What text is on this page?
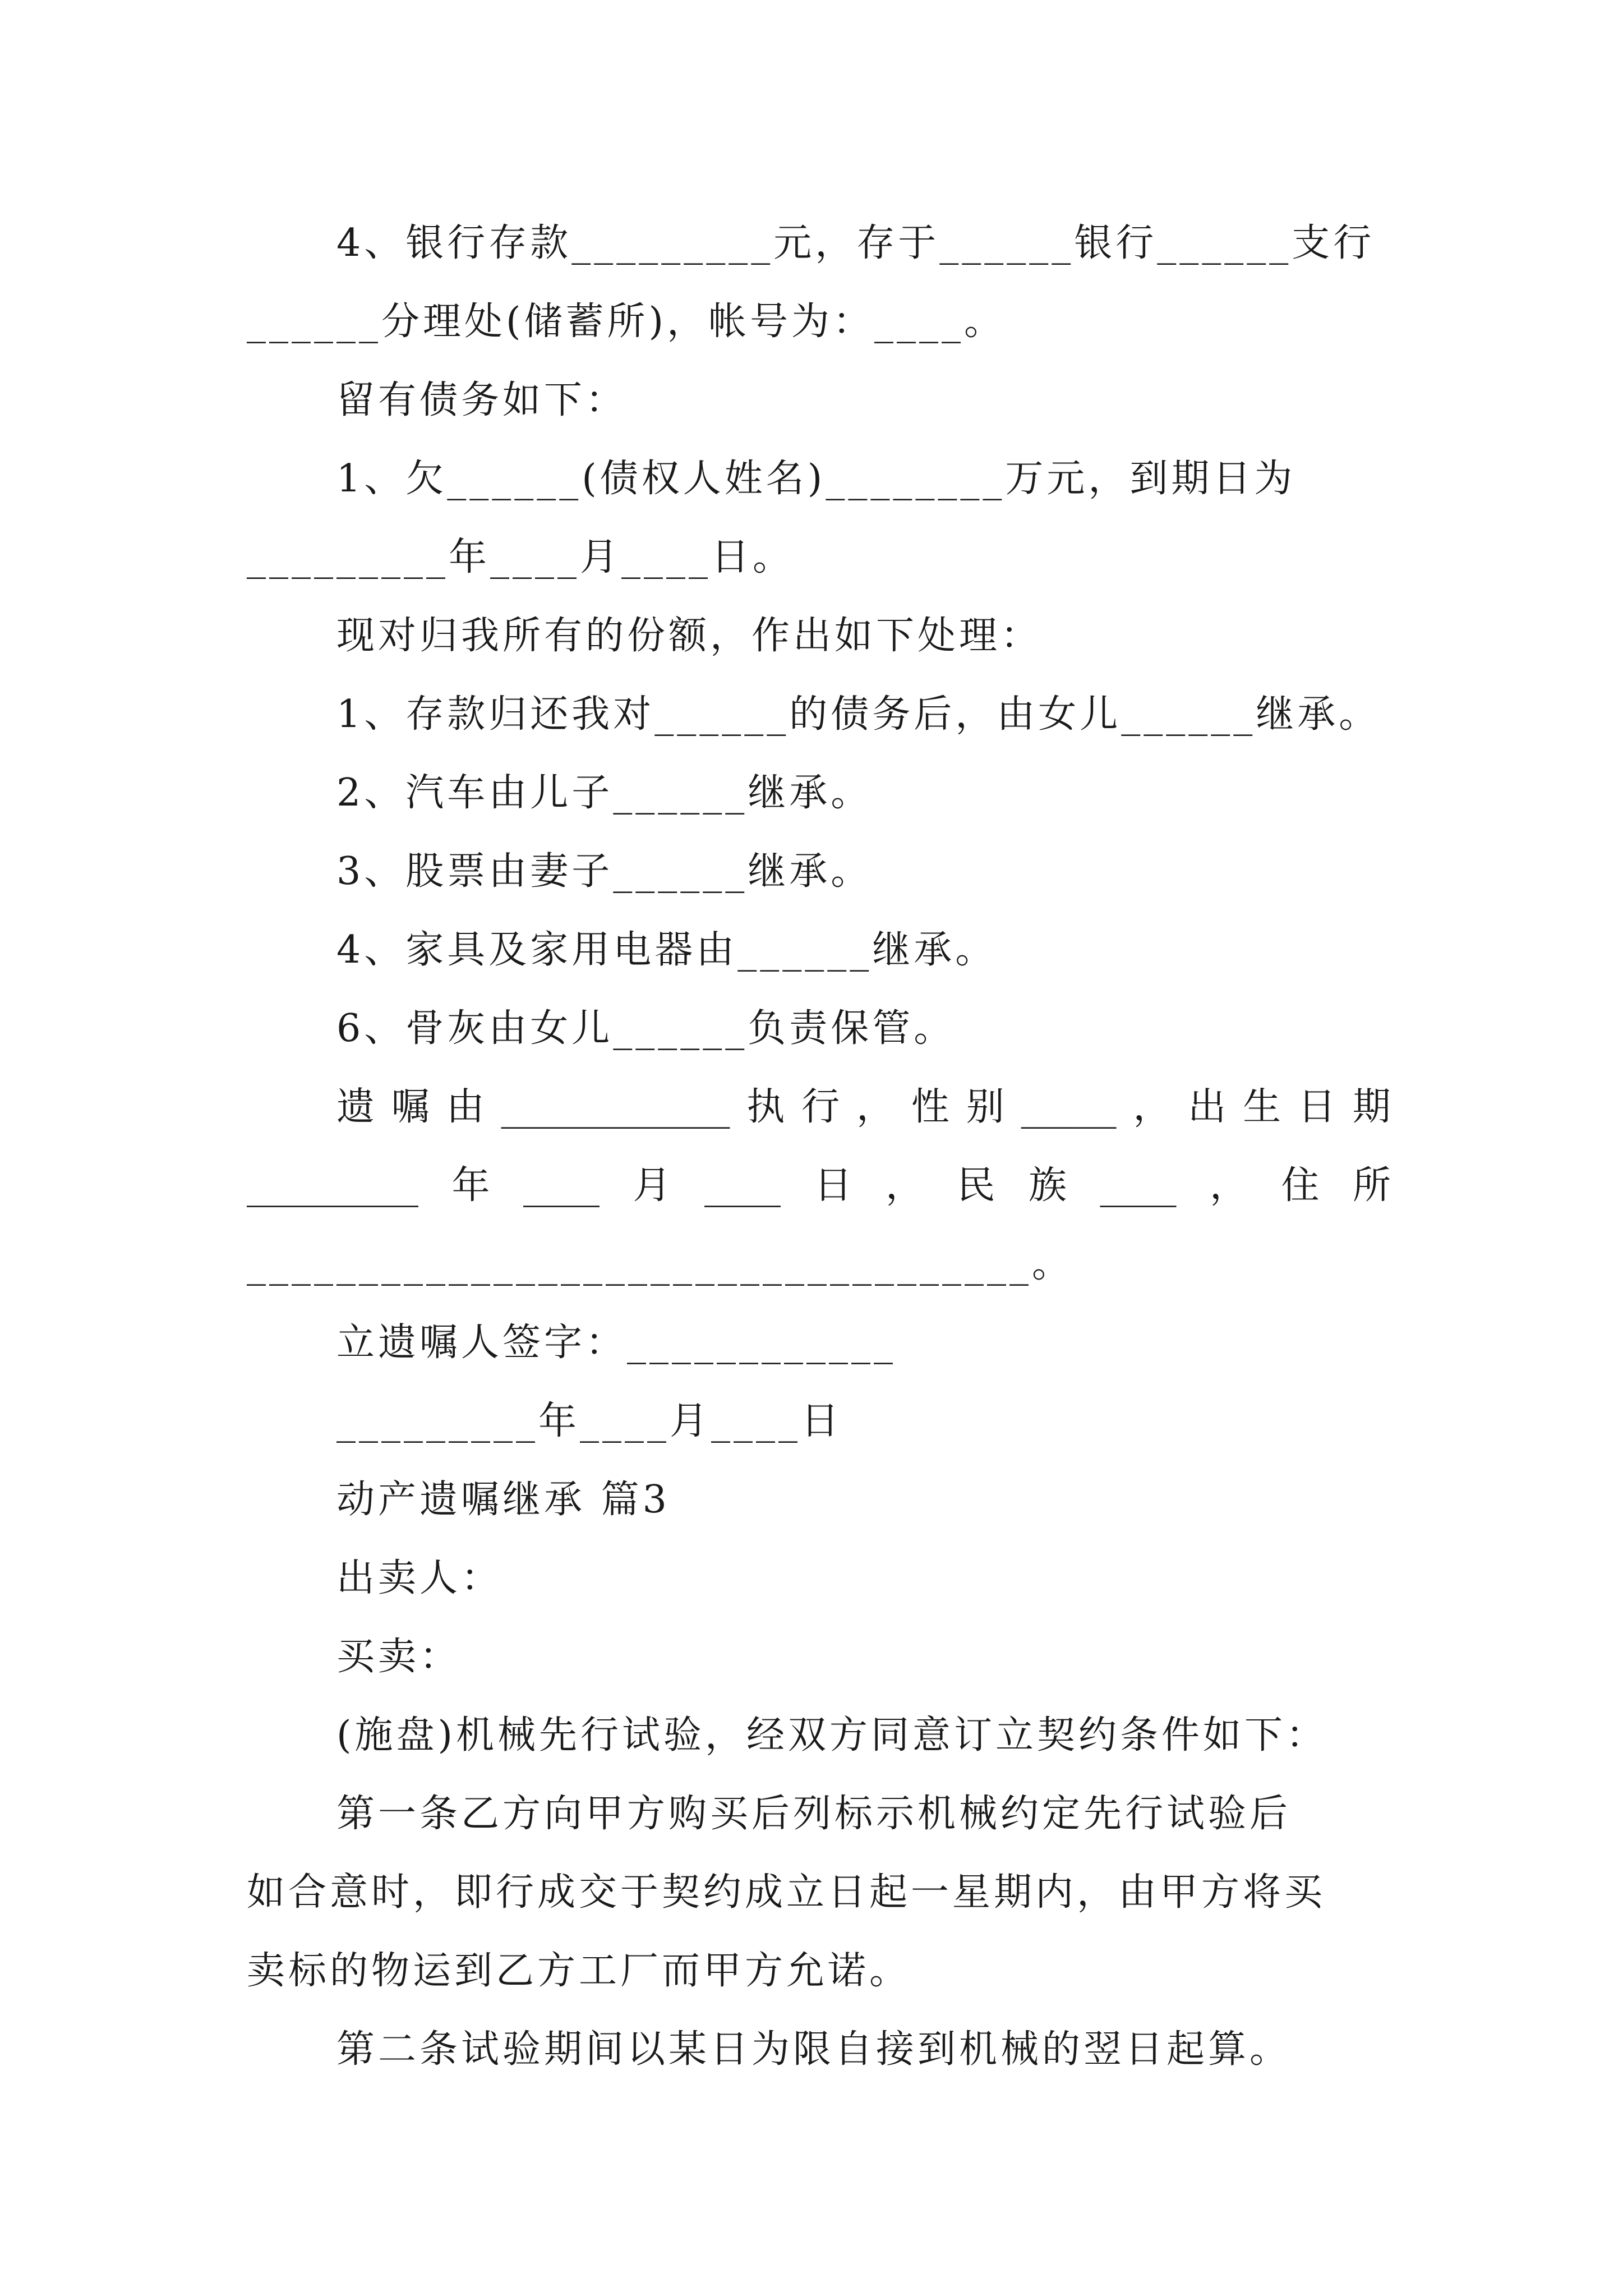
4、银行存款_________元，存于______银行______支行
______分理处(储蓄所)，帐号为：____。
留有债务如下：
1、欠______(债权人姓名)________万元，到期日为
_________年____月____日。
现对归我所有的份额，作出如下处理：
1、存款归还我对______的债务后，由女儿______继承。
2、汽车由儿子______继承。
3、股票由妻子______继承。
4、家具及家用电器由______继承。
6、骨灰由女儿______负责保管。
遗 嘱 由 ____________ 执 行 ， 性 别 _____ ， 出 生 日 期
_________ 年 ____ 月 ____ 日 ， 民 族 ____ ， 住 所
___________________________________。
立遗嘱人签字：____________
_________年____月____日
动产遗嘱继承 篇3
出卖人：
买卖：
(施盘)机械先行试验，经双方同意订立契约条件如下：
第一条乙方向甲方购买后列标示机械约定先行试验后
如合意时，即行成交于契约成立日起一星期内，由甲方将买
卖标的物运到乙方工厂而甲方允诺。
第二条试验期间以某日为限自接到机械的翌日起算。
